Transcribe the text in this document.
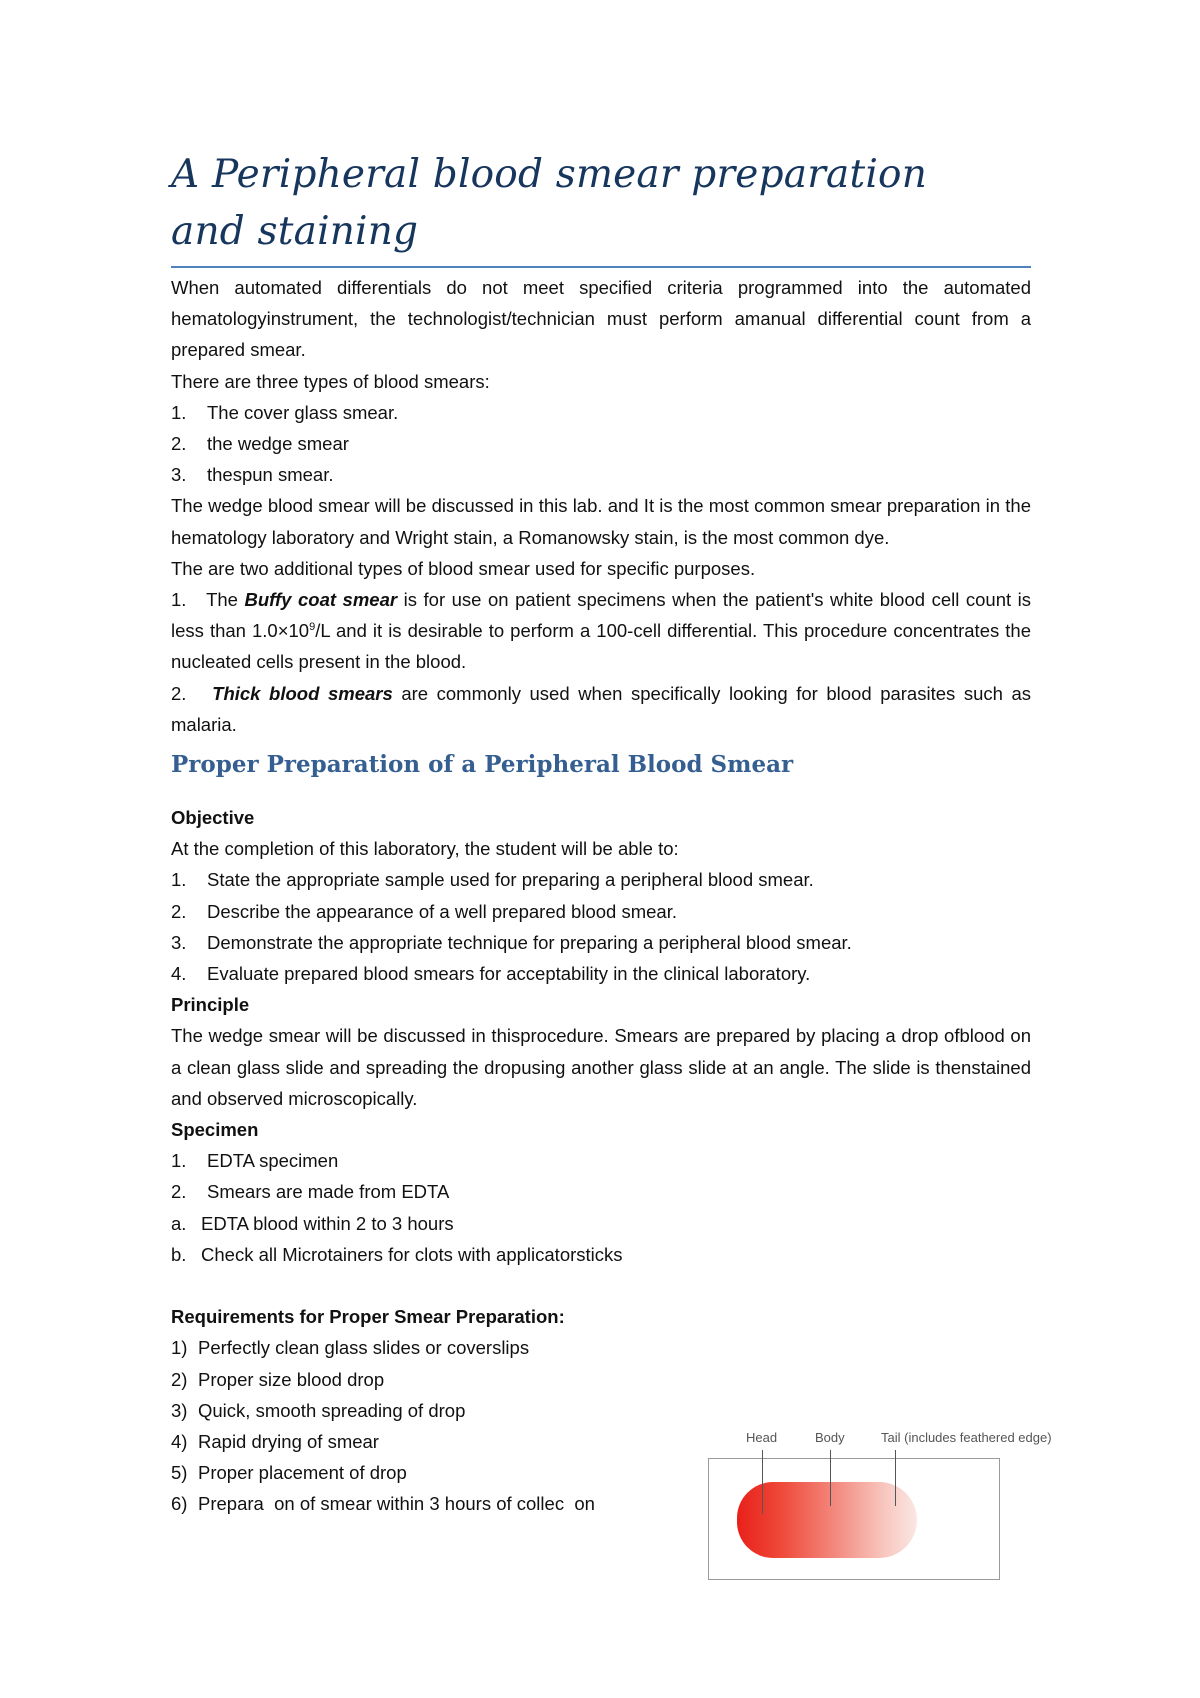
A Peripheral blood smear preparation
and staining

When automated differentials do not meet specified criteria programmed into the automated hematologyinstrument, the technologist/technician must perform amanual differential count from a prepared smear.

There are three types of blood smears:

1.	The cover glass smear.
2.	the wedge smear
3.	thespun smear.

The wedge blood smear will be discussed in this lab. and It is the most common smear preparation in the hematology laboratory and Wright stain, a Romanowsky stain, is the most common dye.

The are two additional types of blood smear used for specific purposes.

1. The Buffy coat smear is for use on patient specimens when the patient's white blood cell count is less than $1.0\times 10^9/L$ and it is desirable to perform a 100-cell differential. This procedure concentrates the nucleated cells present in the blood.

2. Thick blood smears are commonly used when specifically looking for blood parasites such as malaria.

Proper Preparation of a Peripheral Blood Smear

Objective

At the completion of this laboratory, the student will be able to:

1.	State the appropriate sample used for preparing a peripheral blood smear.
2.	Describe the appearance of a well prepared blood smear.
3.	Demonstrate the appropriate technique for preparing a peripheral blood smear.
4.	Evaluate prepared blood smears for acceptability in the clinical laboratory.

Principle

The wedge smear will be discussed in thisprocedure. Smears are prepared by placing a drop ofblood on a clean glass slide and spreading the dropusing another glass slide at an angle. The slide is thenstained and observed microscopically.

Specimen

1.	EDTA specimen
2.	Smears are made from EDTA
a. EDTA blood within 2 to 3 hours
b. Check all Microtainers for clots with applicatorsticks

Requirements for Proper Smear Preparation:

1) Perfectly clean glass slides or coverslips
2) Proper size blood drop
3) Quick, smooth spreading of drop
4) Rapid drying of smear
5) Proper placement of drop
6) Prepara  on of smear within 3 hours of collec  on
Head	Body	Tail (includes feathered edge)
